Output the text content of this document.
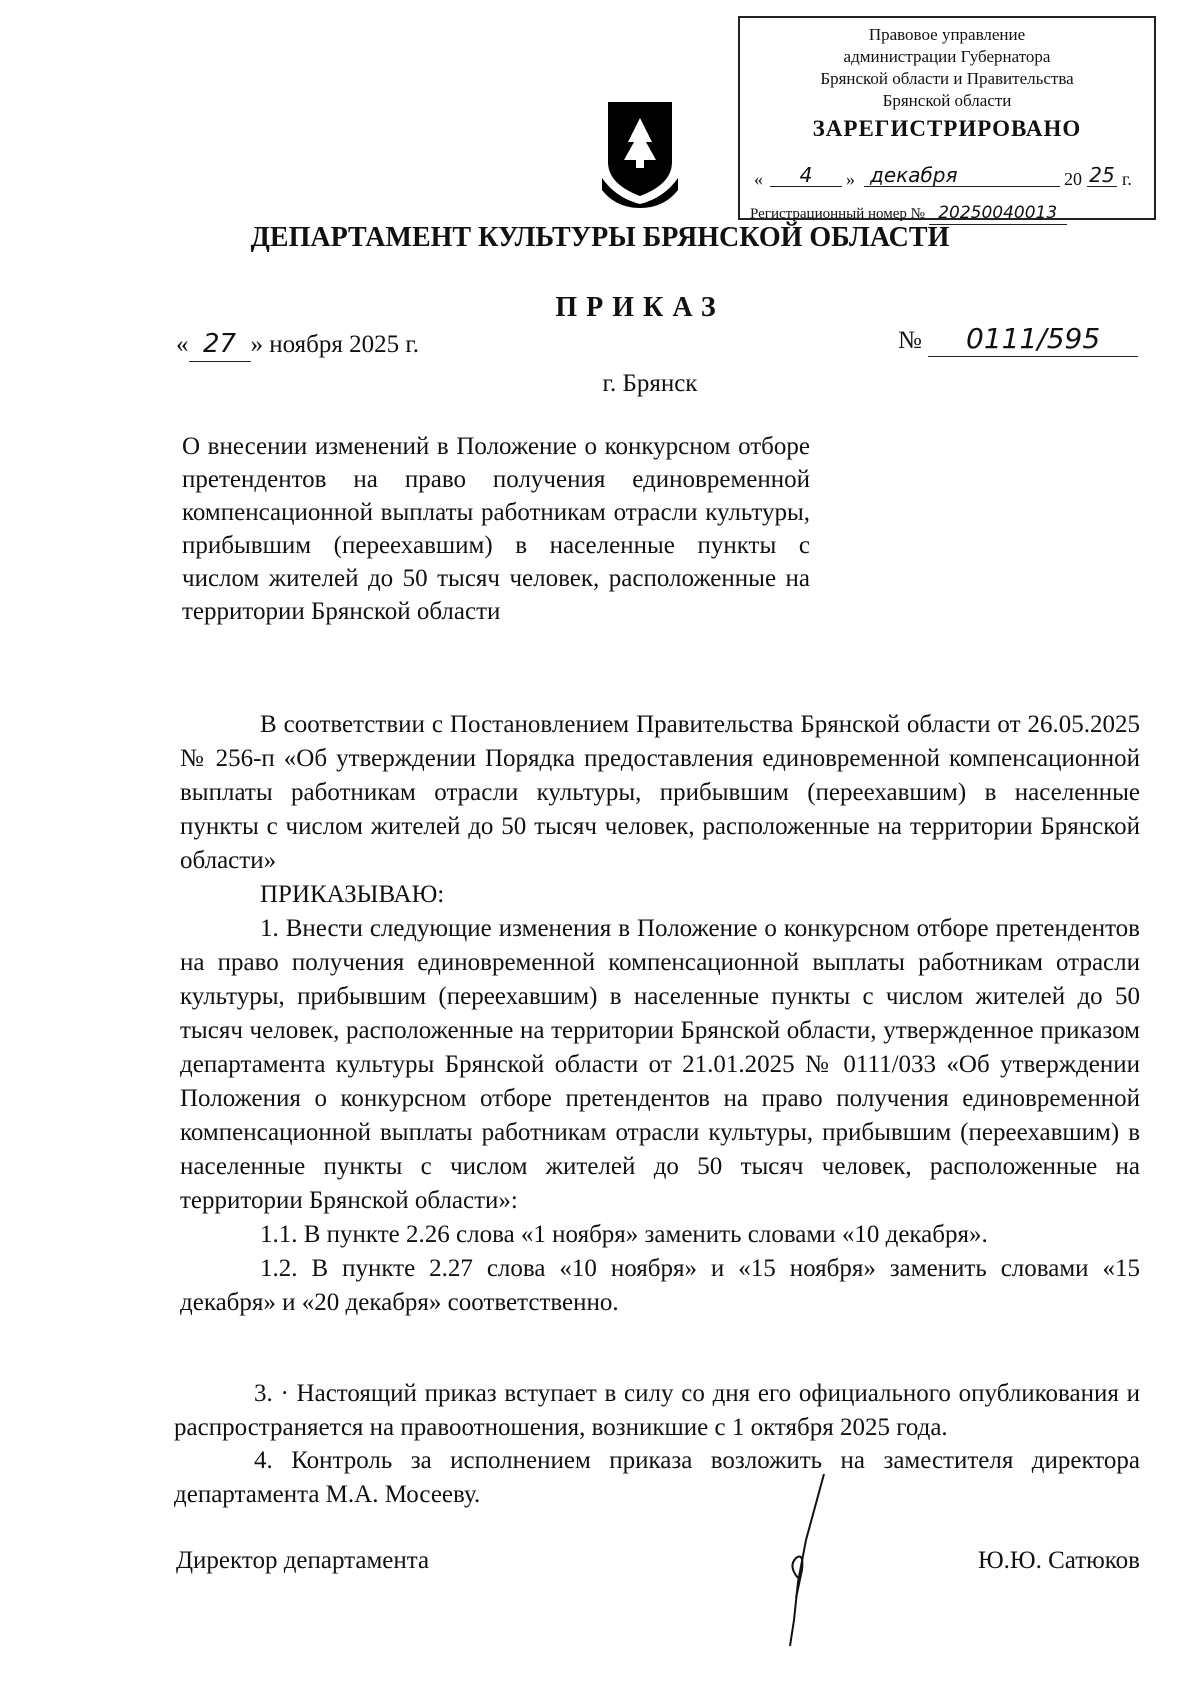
Правовое управление
администрации Губернатора
Брянской области и Правительства
Брянской области
ЗАРЕГИСТРИРОВАНО
«	4	» декабря	20 25 г.
Регистрационный номер № 20250040013
ДЕПАРТАМЕНТ КУЛЬТУРЫ БРЯНСКОЙ ОБЛАСТИ
ПРИКАЗ
« 27 » ноября 2025 г.	№ 0111/595
г. Брянск
О внесении изменений в Положение о конкурсном отборе претендентов на право получения единовременной компенсационной выплаты работникам отрасли культуры, прибывшим (переехавшим) в населенные пункты с числом жителей до 50 тысяч человек, расположенные на территории Брянской области

В соответствии с Постановлением Правительства Брянской области от 26.05.2025 № 256-п «Об утверждении Порядка предоставления единовременной компенсационной выплаты работникам отрасли культуры, прибывшим (переехавшим) в населенные пункты с числом жителей до 50 тысяч человек, расположенные на территории Брянской области»

ПРИКАЗЫВАЮ:

1. Внести следующие изменения в Положение о конкурсном отборе претендентов на право получения единовременной компенсационной выплаты работникам отрасли культуры, прибывшим (переехавшим) в населенные пункты с числом жителей до 50 тысяч человек, расположенные на территории Брянской области, утвержденное приказом департамента культуры Брянской области от 21.01.2025 № 0111/033 «Об утверждении Положения о конкурсном отборе претендентов на право получения единовременной компенсационной выплаты работникам отрасли культуры, прибывшим (переехавшим) в населенные пункты с числом жителей до 50 тысяч человек, расположенные на территории Брянской области»:

1.1. В пункте 2.26 слова «1 ноября» заменить словами «10 декабря».

1.2. В пункте 2.27 слова «10 ноября» и «15 ноября» заменить словами «15 декабря» и «20 декабря» соответственно.

3. · Настоящий приказ вступает в силу со дня его официального опубликования и распространяется на правоотношения, возникшие с 1 октября 2025 года.

4. Контроль за исполнением приказа возложить на заместителя директора департамента М.А. Мосееву.

Директор департамента	Ю.Ю. Сатюков
